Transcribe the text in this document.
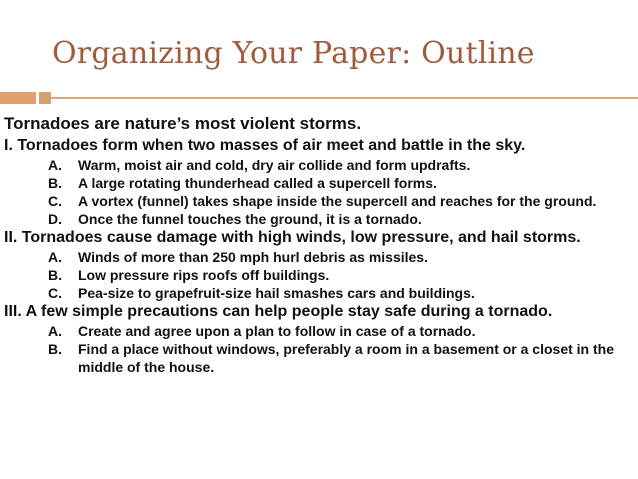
Organizing Your Paper: Outline
Tornadoes are nature’s most violent storms.
I. Tornadoes form when two masses of air meet and battle in the sky.
A.	Warm, moist air and cold, dry air collide and form updrafts.
B.	A large rotating thunderhead called a supercell forms.
C.	A vortex (funnel) takes shape inside the supercell and reaches for the ground.
D.	Once the funnel touches the ground, it is a tornado.
II. Tornadoes cause damage with high winds, low pressure, and hail storms.
A.	Winds of more than 250 mph hurl debris as missiles.
B.	Low pressure rips roofs off buildings.
C.	Pea-size to grapefruit-size hail smashes cars and buildings.
III. A few simple precautions can help people stay safe during a tornado.
A.	Create and agree upon a plan to follow in case of a tornado.
B.	Find a place without windows, preferably a room in a basement or a closet in the middle of the house.
